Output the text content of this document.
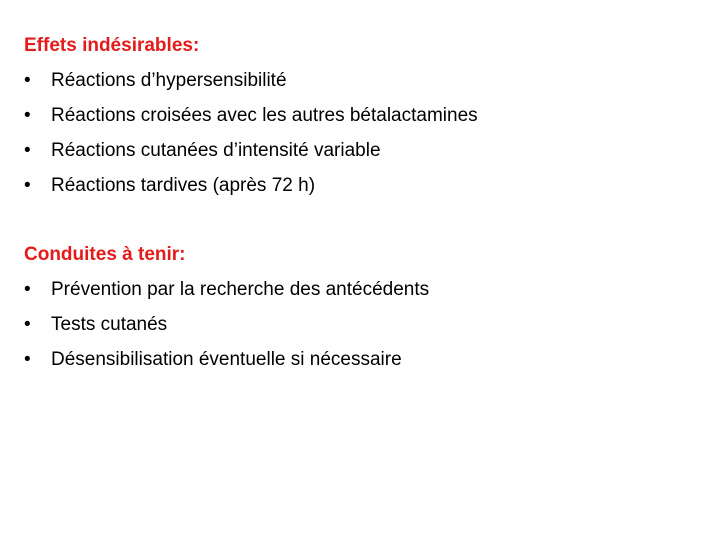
Effets indésirables:
•	Réactions d’hypersensibilité
•	Réactions croisées avec les autres bétalactamines
•	Réactions cutanées d’intensité variable
•	Réactions tardives (après 72 h)
Conduites à tenir:
•	Prévention par la recherche des antécédents
•	Tests cutanés
•	Désensibilisation éventuelle si nécessaire
